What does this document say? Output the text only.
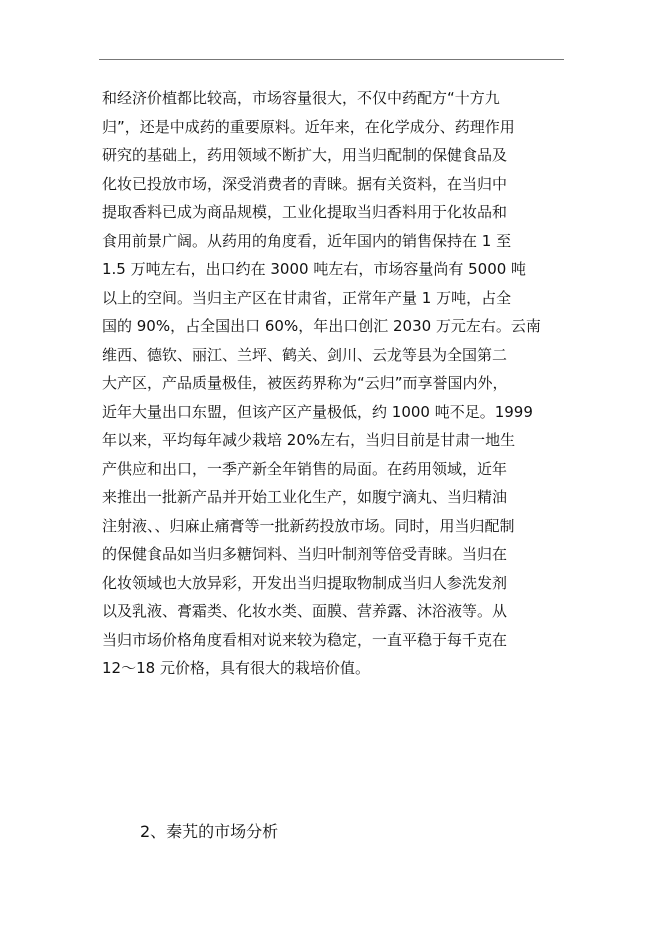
和经济价植都比较高，市场容量很大，不仅中药配方“十方九
归”，还是中成药的重要原料。近年来，在化学成分、药理作用
研究的基础上，药用领域不断扩大，用当归配制的保健食品及
化妆已投放市场，深受消费者的青睐。据有关资料，在当归中
提取香料已成为商品规模，工业化提取当归香料用于化妆品和
食用前景广阔。从药用的角度看，近年国内的销售保持在 1 至
1.5 万吨左右，出口约在 3000 吨左右，市场容量尚有 5000 吨
以上的空间。当归主产区在甘肃省，正常年产量 1 万吨，占全
国的 90%，占全国出口 60%，年出口创汇 2030 万元左右。云南
维西、德钦、丽江、兰坪、鹤关、剑川、云龙等县为全国第二
大产区，产品质量极佳，被医药界称为“云归”而享誉国内外，
近年大量出口东盟，但该产区产量极低，约 1000 吨不足。1999
年以来，平均每年减少栽培 20%左右，当归目前是甘肃一地生
产供应和出口，一季产新全年销售的局面。在药用领域，近年
来推出一批新产品并开始工业化生产，如腹宁滴丸、当归精油
注射液、、归麻止痛膏等一批新药投放市场。同时，用当归配制
的保健食品如当归多糖饲料、当归叶制剂等倍受青睐。当归在
化妆领域也大放异彩，开发出当归提取物制成当归人参洗发剂
以及乳液、膏霜类、化妆水类、面膜、营养露、沐浴液等。从
当归市场价格角度看相对说来较为稳定，一直平稳于每千克在
12～18 元价格，具有很大的栽培价值。
2、秦艽的市场分析
